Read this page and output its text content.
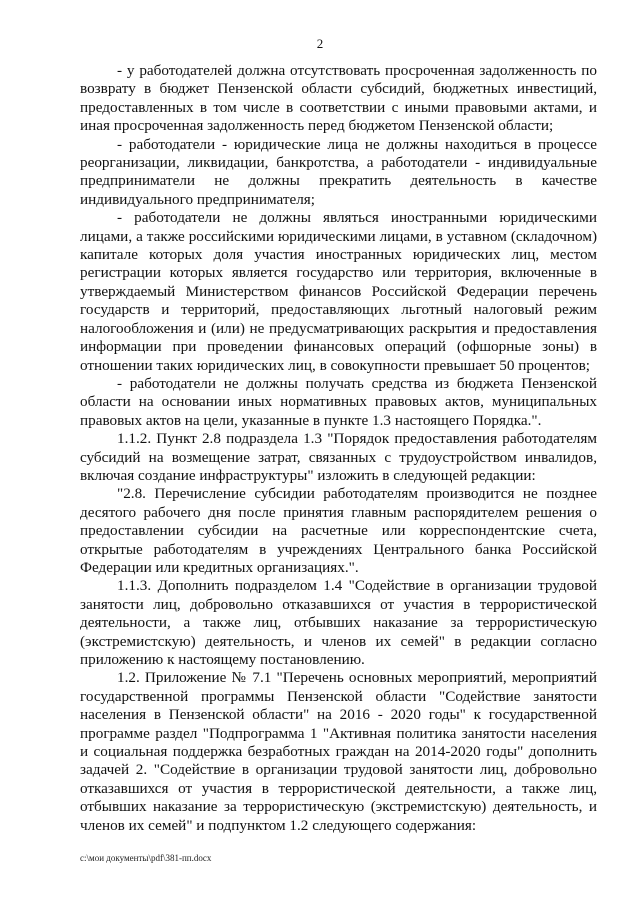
2

- у работодателей должна отсутствовать просроченная задолженность по возврату в бюджет Пензенской области субсидий, бюджетных инвестиций, предоставленных в том числе в соответствии с иными правовыми актами, и иная просроченная задолженность перед бюджетом Пензенской области;

- работодатели - юридические лица не должны находиться в процессе реорганизации, ликвидации, банкротства, а работодатели - индивидуальные предприниматели не должны прекратить деятельность в качестве индивидуального предпринимателя;

- работодатели не должны являться иностранными юридическими лицами, а также российскими юридическими лицами, в уставном (складочном) капитале которых доля участия иностранных юридических лиц, местом регистрации которых является государство или территория, включенные в утверждаемый Министерством финансов Российской Федерации перечень государств и территорий, предоставляющих льготный налоговый режим налогообложения и (или) не предусматривающих раскрытия и предоставления информации при проведении финансовых операций (офшорные зоны) в отношении таких юридических лиц, в совокупности превышает 50 процентов;

- работодатели не должны получать средства из бюджета Пензенской области на основании иных нормативных правовых актов, муниципальных правовых актов на цели, указанные в пункте 1.3 настоящего Порядка.".

1.1.2. Пункт 2.8 подраздела 1.3 "Порядок предоставления работодателям субсидий на возмещение затрат, связанных с трудоустройством инвалидов, включая создание инфраструктуры" изложить в следующей редакции:

"2.8. Перечисление субсидии работодателям производится не позднее десятого рабочего дня после принятия главным распорядителем решения о предоставлении субсидии на расчетные или корреспондентские счета, открытые работодателям в учреждениях Центрального банка Российской Федерации или кредитных организациях.".

1.1.3. Дополнить подразделом 1.4 "Содействие в организации трудовой занятости лиц, добровольно отказавшихся от участия в террористической деятельности, а также лиц, отбывших наказание за террористическую (экстремистскую) деятельность, и членов их семей" в редакции согласно приложению к настоящему постановлению.

1.2. Приложение № 7.1 "Перечень основных мероприятий, мероприятий государственной программы Пензенской области "Содействие занятости населения в Пензенской области" на 2016 - 2020 годы" к государственной программе раздел "Подпрограмма 1 "Активная политика занятости населения и социальная поддержка безработных граждан на 2014-2020 годы" дополнить задачей 2. "Содействие в организации трудовой занятости лиц, добровольно отказавшихся от участия в террористической деятельности, а также лиц, отбывших наказание за террористическую (экстремистскую) деятельность, и членов их семей" и подпунктом 1.2 следующего содержания:

c:\мои документы\pdf\381-пп.docx
